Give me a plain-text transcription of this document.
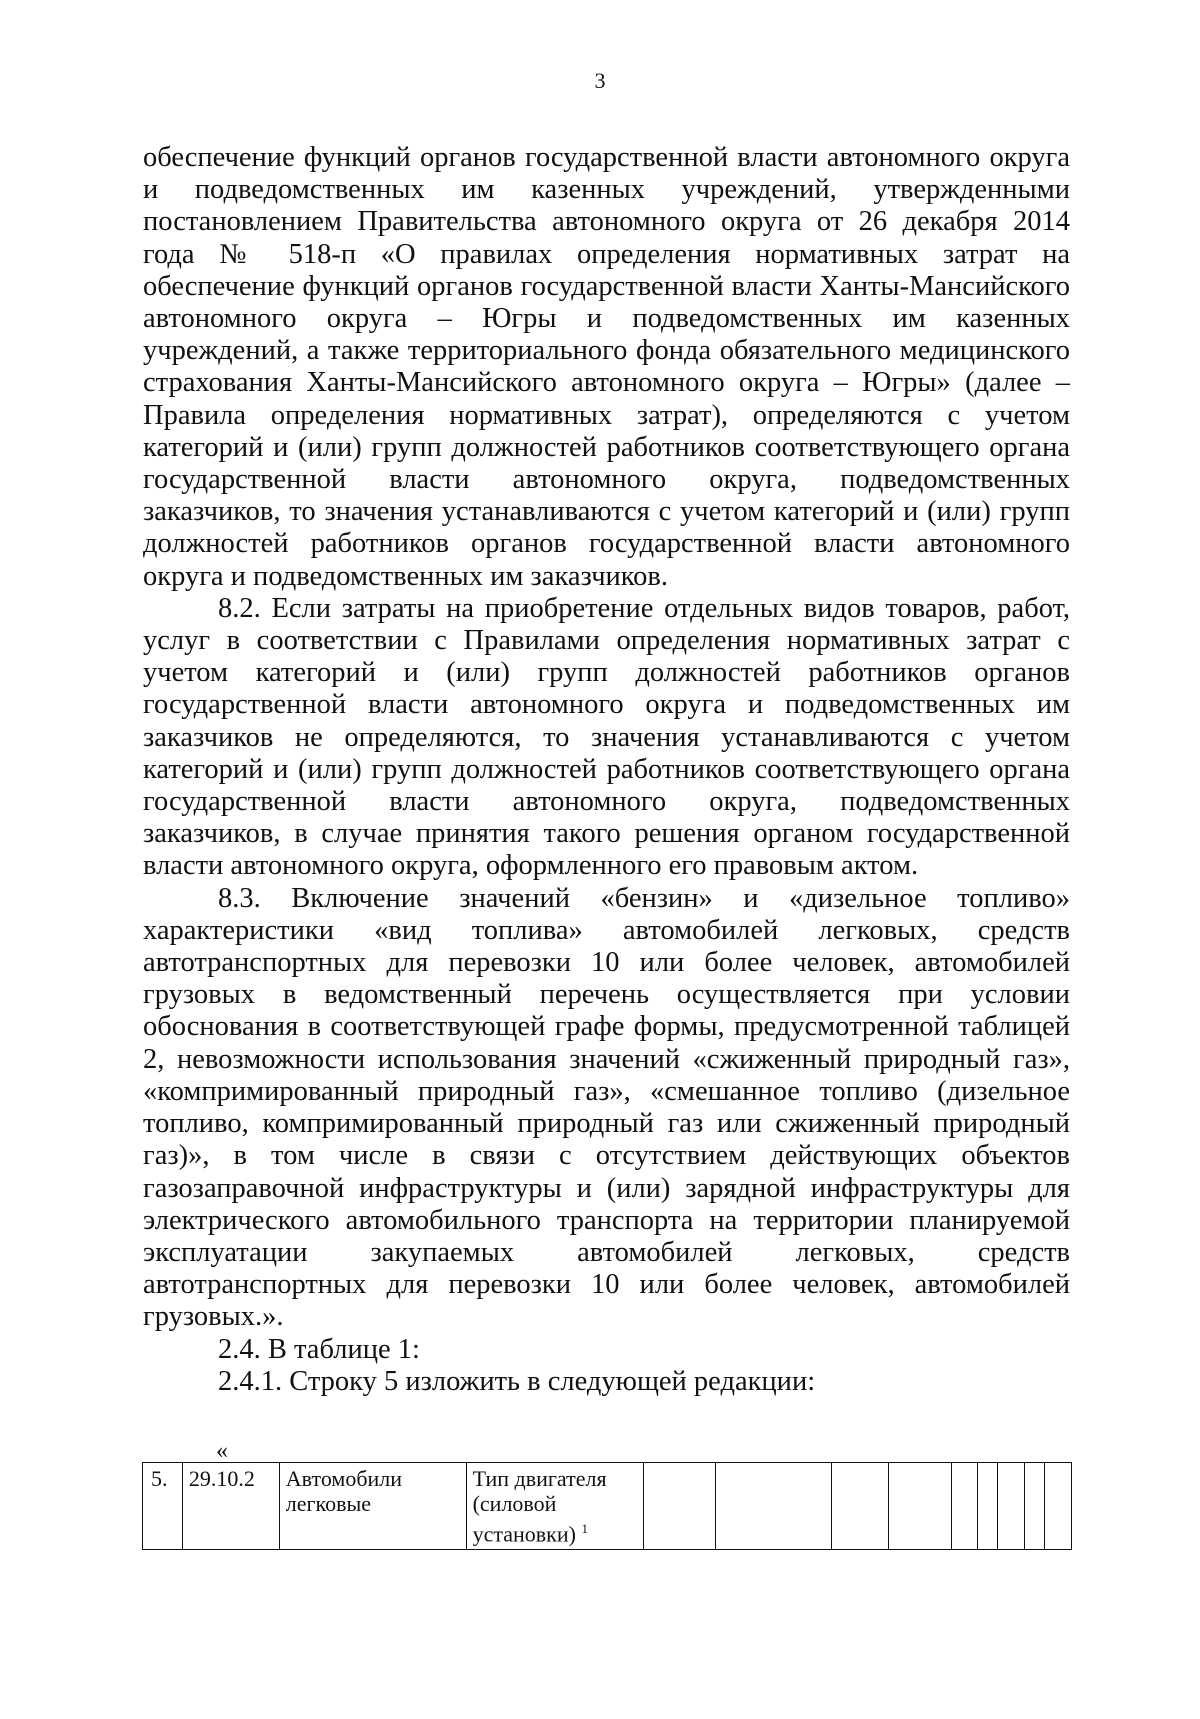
3

обеспечение функций органов государственной власти автономного округа и подведомственных им казенных учреждений, утвержденными постановлением Правительства автономного округа от 26 декабря 2014 года № 518-п «О правилах определения нормативных затрат на обеспечение функций органов государственной власти Ханты-Мансийского автономного округа – Югры и подведомственных им казенных учреждений, а также территориального фонда обязательного медицинского страхования Ханты-Мансийского автономного округа – Югры» (далее – Правила определения нормативных затрат), определяются с учетом категорий и (или) групп должностей работников соответствующего органа государственной власти автономного округа, подведомственных заказчиков, то значения устанавливаются с учетом категорий и (или) групп должностей работников органов государственной власти автономного округа и подведомственных им заказчиков.

8.2. Если затраты на приобретение отдельных видов товаров, работ, услуг в соответствии с Правилами определения нормативных затрат с учетом категорий и (или) групп должностей работников органов государственной власти автономного округа и подведомственных им заказчиков не определяются, то значения устанавливаются с учетом категорий и (или) групп должностей работников соответствующего органа государственной власти автономного округа, подведомственных заказчиков, в случае принятия такого решения органом государственной власти автономного округа, оформленного его правовым актом.

8.3. Включение значений «бензин» и «дизельное топливо» характеристики «вид топлива» автомобилей легковых, средств автотранспортных для перевозки 10 или более человек, автомобилей грузовых в ведомственный перечень осуществляется при условии обоснования в соответствующей графе формы, предусмотренной таблицей 2, невозможности использования значений «сжиженный природный газ», «компримированный природный газ», «смешанное топливо (дизельное топливо, компримированный природный газ или сжиженный природный газ)», в том числе в связи с отсутствием действующих объектов газозаправочной инфраструктуры и (или) зарядной инфраструктуры для электрического автомобильного транспорта на территории планируемой эксплуатации закупаемых автомобилей легковых, средств автотранспортных для перевозки 10 или более человек, автомобилей грузовых.».

2.4. В таблице 1:

2.4.1. Строку 5 изложить в следующей редакции:

«
5.	29.10.2	Автомобили легковые	Тип двигателя (силовой установки) $^1$									
